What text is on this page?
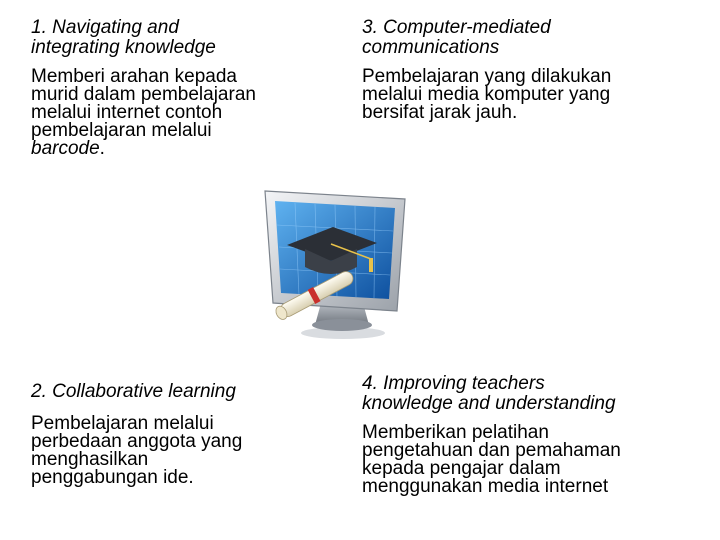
1. Navigating and
integrating knowledge

Memberi arahan kepada
murid dalam pembelajaran
melalui internet contoh
pembelajaran melalui
barcode.

3. Computer-mediated
communications

Pembelajaran yang dilakukan
melalui media komputer yang
bersifat jarak jauh.

2. Collaborative learning

Pembelajaran melalui
perbedaan anggota yang
menghasilkan
penggabungan ide.

4. Improving teachers
knowledge and understanding

Memberikan pelatihan
pengetahuan dan pemahaman
kepada pengajar dalam
menggunakan media internet
